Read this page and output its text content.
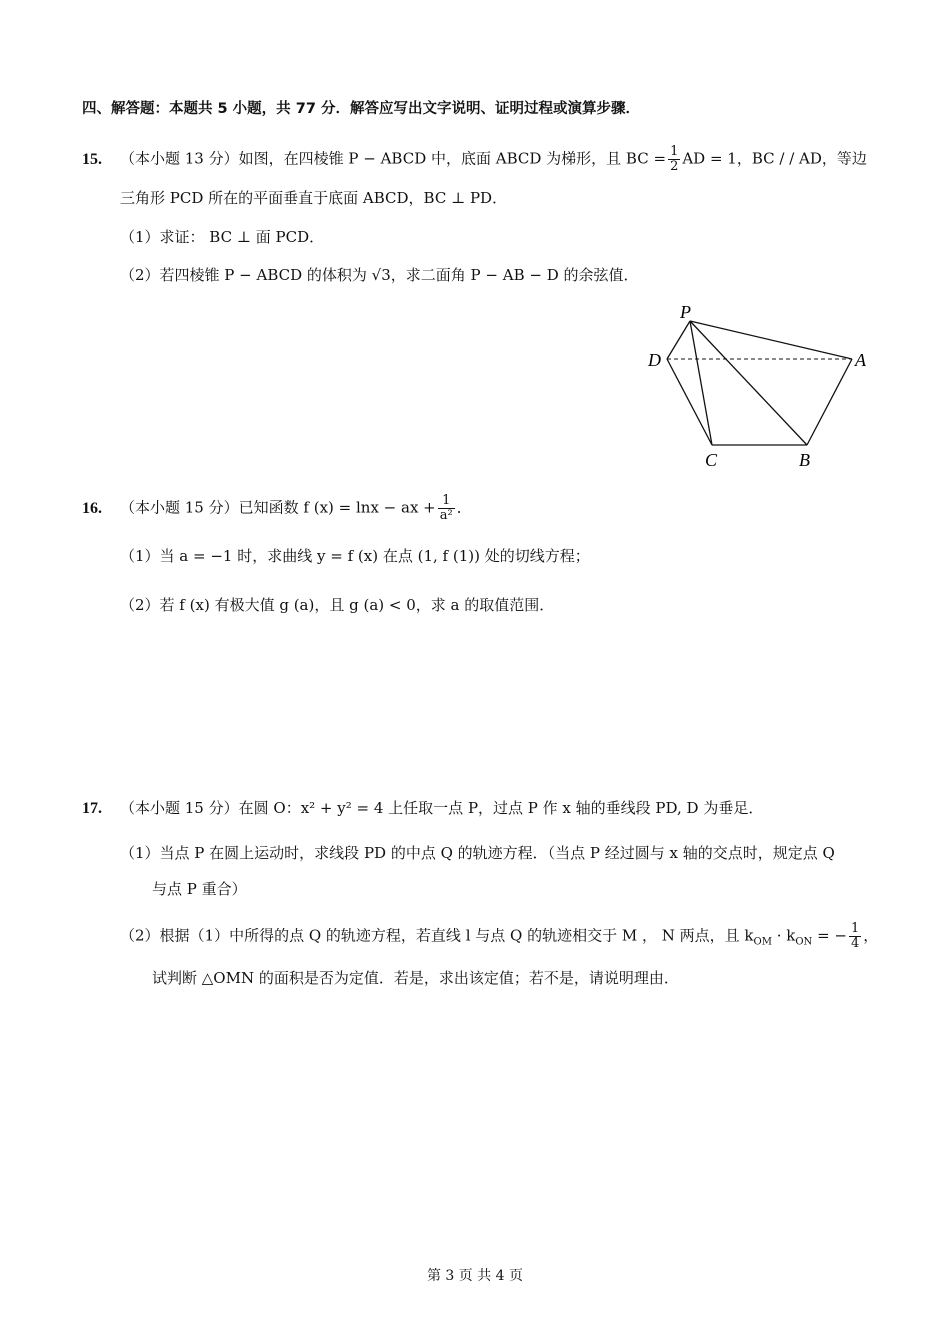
四、解答题：本题共 5 小题，共 77 分．解答应写出文字说明、证明过程或演算步骤．
15. （本小题 13 分）如图，在四棱锥 P − ABCD 中，底面 ABCD 为梯形，且 BC = $\frac{1}{2}$ AD = 1，BC / / AD，等边
三角形 PCD 所在的平面垂直于底面 ABCD，BC ⊥ PD．
（1）求证： BC ⊥ 面 PCD．
（2）若四棱锥 P − ABCD 的体积为 √3，求二面角 P − AB − D 的余弦值．
P
D	A
C	B
16. （本小题 15 分）已知函数 f (x) = lnx − ax + $\frac{1}{\text{a²}}$ ．
（1）当 a = −1 时，求曲线 y = f (x) 在点 (1, f (1)) 处的切线方程；
（2）若 f (x) 有极大值 g (a)，且 g (a) < 0，求 a 的取值范围．
17. （本小题 15 分）在圆 O：x² + y² = 4 上任取一点 P，过点 P 作 x 轴的垂线段 PD, D 为垂足．
（1）当点 P 在圆上运动时，求线段 PD 的中点 Q 的轨迹方程．（当点 P 经过圆与 x 轴的交点时，规定点 Q
与点 P 重合）
（2）根据（1）中所得的点 Q 的轨迹方程，若直线 l 与点 Q 的轨迹相交于 M ， N 两点，且 $k_{OM} \cdot k_{ON}$ = − $\frac{1}{4}$ ，
试判断 △OMN 的面积是否为定值．若是，求出该定值；若不是，请说明理由．
第 3 页 共 4 页
